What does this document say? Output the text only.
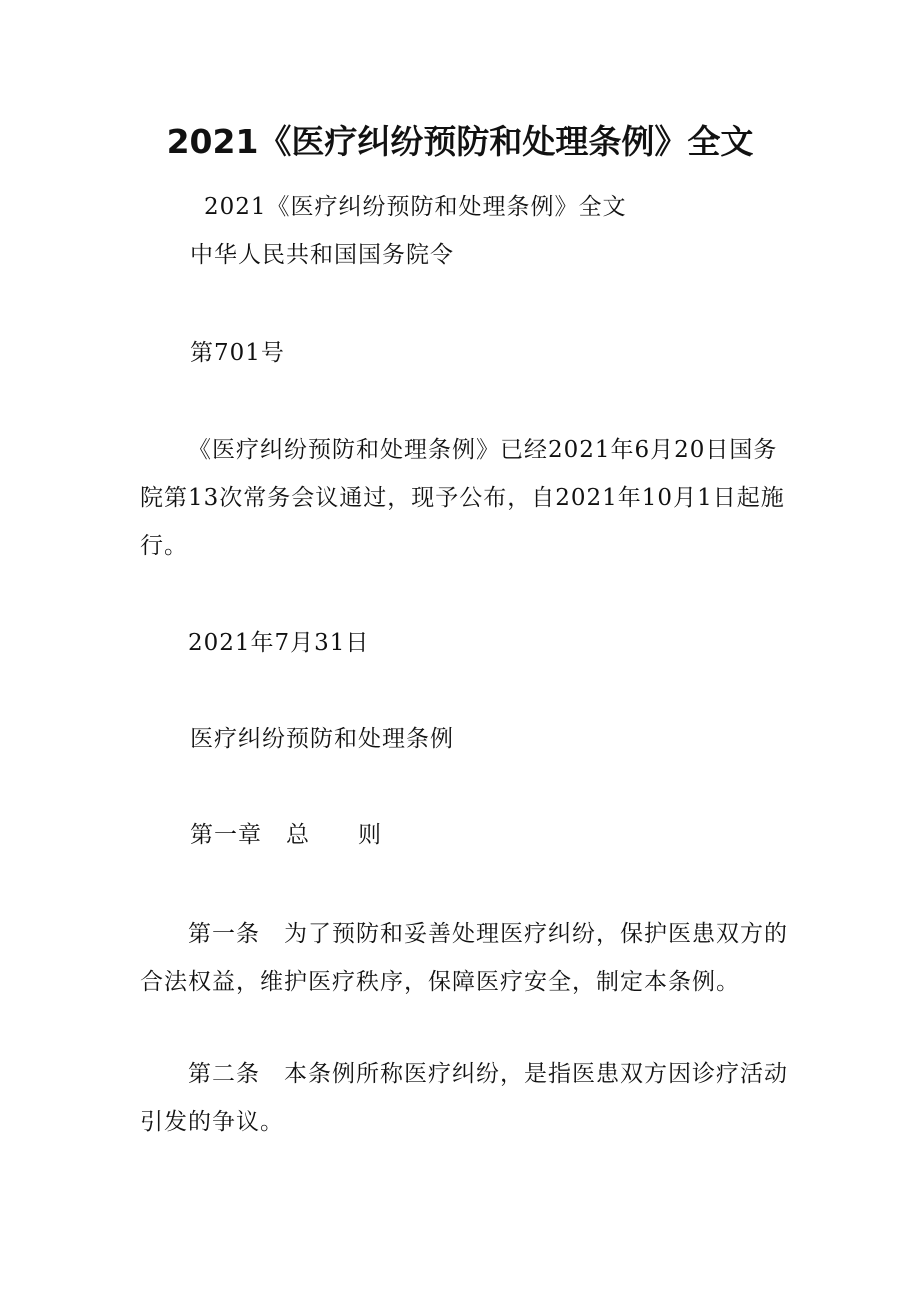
2021《医疗纠纷预防和处理条例》全文
2021《医疗纠纷预防和处理条例》全文
中华人民共和国国务院令
第701号
《医疗纠纷预防和处理条例》已经2021年6月20日国务院第13次常务会议通过，现予公布，自2021年10月1日起施行。
2021年7月31日
医疗纠纷预防和处理条例
第一章　总　　则
第一条　为了预防和妥善处理医疗纠纷，保护医患双方的合法权益，维护医疗秩序，保障医疗安全，制定本条例。
第二条　本条例所称医疗纠纷，是指医患双方因诊疗活动引发的争议。
